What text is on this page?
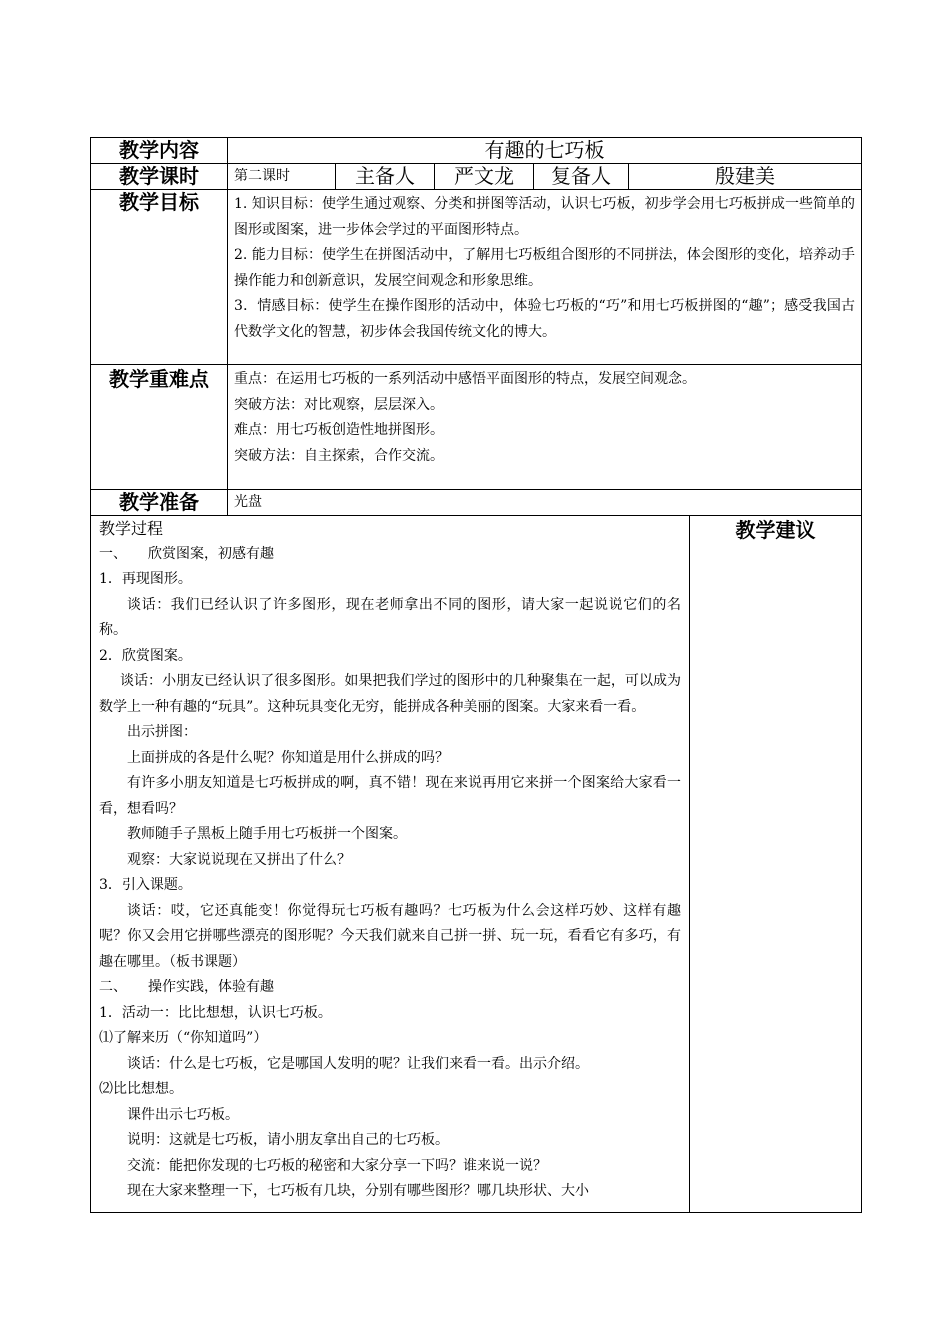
教学内容	有趣的七巧板				
教学课时	第二课时	主备人	严文龙	复备人	殷建美
教学目标	1. 知识目标：使学生通过观察、分类和拼图等活动，认识七巧板，初步学会用七巧板拼成一些简单的图形或图案，进一步体会学过的平面图形特点。

2. 能力目标：使学生在拼图活动中，了解用七巧板组合图形的不同拼法，体会图形的变化，培养动手操作能力和创新意识，发展空间观念和形象思维。

3．情感目标：使学生在操作图形的活动中，体验七巧板的“巧”和用七巧板拼图的“趣”；感受我国古代数学文化的智慧，初步体会我国传统文化的博大。				

教学重难点	重点：在运用七巧板的一系列活动中感悟平面图形的特点，发展空间观念。

突破方法：对比观察，层层深入。

难点：用七巧板创造性地拼图形。

突破方法：自主探索，合作交流。				

教学准备	光盘				

教学过程

一、　　欣赏图案，初感有趣

1．再现图形。

谈话：我们已经认识了许多图形，现在老师拿出不同的图形，请大家一起说说它们的名称。

2．欣赏图案。

谈话：小朋友已经认识了很多图形。如果把我们学过的图形中的几种聚集在一起，可以成为数学上一种有趣的“玩具”。这种玩具变化无穷，能拼成各种美丽的图案。大家来看一看。

出示拼图：

上面拼成的各是什么呢？你知道是用什么拼成的吗？

有许多小朋友知道是七巧板拼成的啊，真不错！现在来说再用它来拼一个图案给大家看一看，想看吗？

教师随手子黑板上随手用七巧板拼一个图案。

观察：大家说说现在又拼出了什么？

3．引入课题。

谈话：哎，它还真能变！你觉得玩七巧板有趣吗？七巧板为什么会这样巧妙、这样有趣呢？你又会用它拼哪些漂亮的图形呢？今天我们就来自己拼一拼、玩一玩，看看它有多巧，有趣在哪里。（板书课题）

二、　　操作实践，体验有趣

1．活动一：比比想想，认识七巧板。

⑴了解来历（“你知道吗”）

谈话：什么是七巧板，它是哪国人发明的呢？让我们来看一看。出示介绍。

⑵比比想想。

课件出示七巧板。

说明：这就是七巧板，请小朋友拿出自己的七巧板。

交流：能把你发现的七巧板的秘密和大家分享一下吗？谁来说一说？

现在大家来整理一下，七巧板有几块，分别有哪些图形？哪几块形状、大小

	教学建议
